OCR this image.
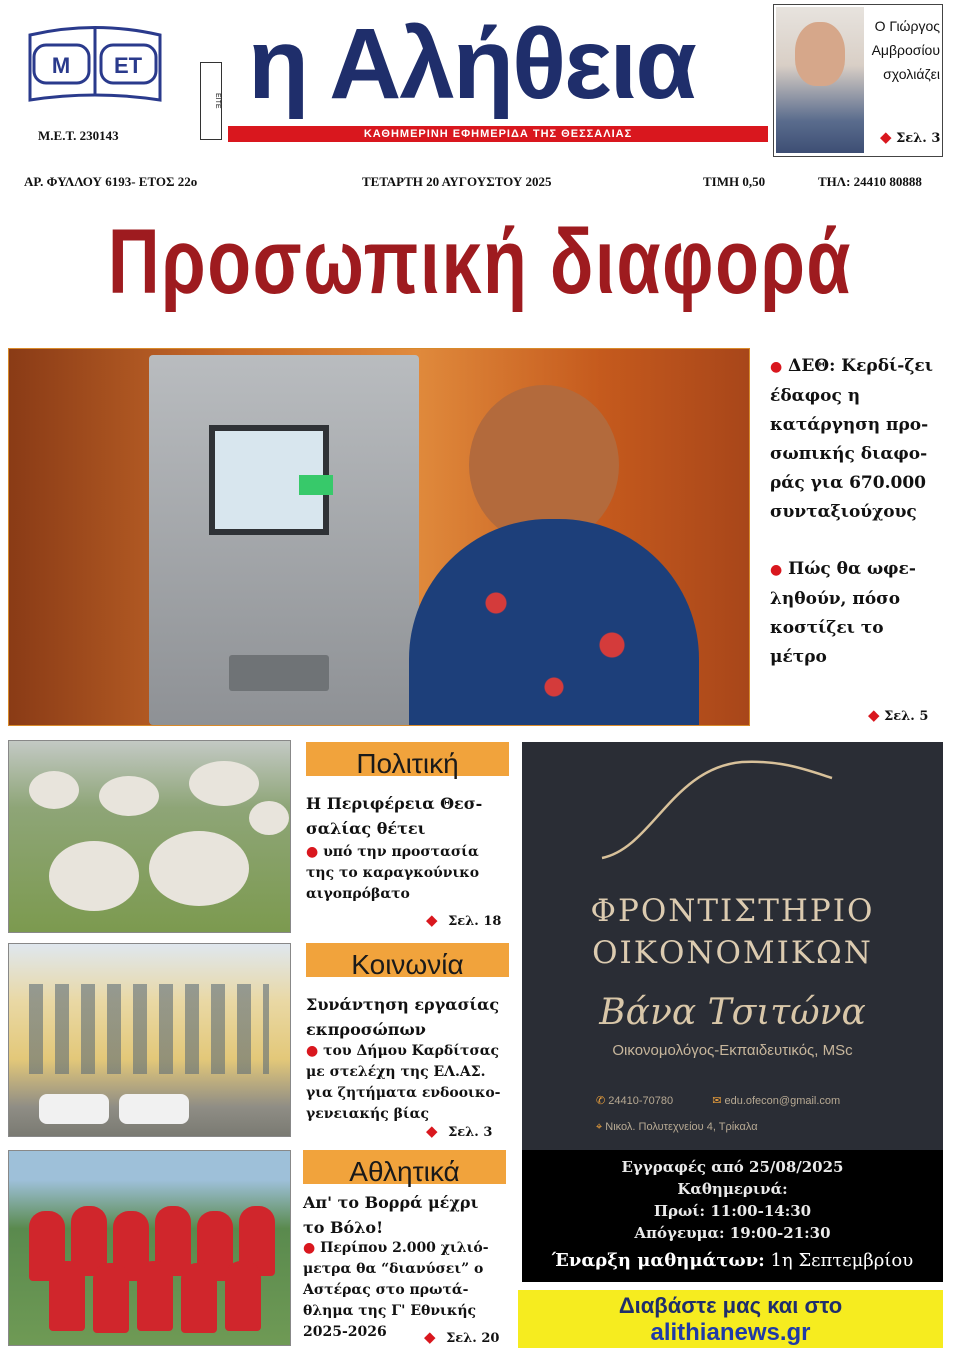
Μ ΕΤ
Μ.Ε.Τ. 230143
ΕΙΤΕ η Αλήθεια
ΚΑΘΗΜΕΡΙΝΗ ΕΦΗΜΕΡΙΔΑ ΤΗΣ ΘΕΣΣΑΛΙΑΣ
Ο Γιώργος
Αμβροσίου
σχολιάζει
◆ Σελ. 3
ΑΡ. ΦΥΛΛΟΥ 6193- ΕΤΟΣ 22ο	ΤΕΤΑΡΤΗ 20 ΑΥΓΟΥΣΤΟΥ 2025	ΤΙΜΗ 0,50	ΤΗΛ: 24410 80888
Προσωπική διαφορά
● ΔΕΘ: Κερδί-ζει έδαφος η κατάργηση προ-σωπικής διαφο-ράς για 670.000 συνταξιούχους
● Πώς θα ωφε-ληθούν, πόσο κοστίζει το μέτρο
◆ Σελ. 5
Πολιτική
Η Περιφέρεια Θεσ-σαλίας θέτει
● υπό την προστασία της το καραγκούνικο αιγοπρόβατο
◆ Σελ. 18
Κοινωνία
Συνάντηση εργασίας εκπροσώπων
● του Δήμου Καρδίτσας με στελέχη της ΕΛ.ΑΣ. για ζητήματα ενδοοικο-γενειακής βίας
◆ Σελ. 3
Αθλητικά
Απ' το Βορρά μέχρι το Βόλο!
● Περίπου 2.000 χιλιό-μετρα θα “διανύσει” ο Αστέρας στο πρωτά-θλημα της Γ' Εθνικής 2025-2026	◆ Σελ. 20
ΦΡΟΝΤΙΣΤΗΡΙΟ
ΟΙΚΟΝΟΜΙΚΩΝ
Βάνα Τσιτώνα
Οικονομολόγος-Εκπαιδευτικός, MSc
✆ 24410-70780	✉ edu.ofecon@gmail.com
⌖ Νικολ. Πολυτεχνείου 4, Τρίκαλα
Εγγραφές από 25/08/2025
Καθημερινά:
Πρωί: 11:00-14:30
Απόγευμα: 19:00-21:30
Έναρξη μαθημάτων: 1η Σεπτεμβρίου
Διαβάστε μας και στο
alithianews.gr
